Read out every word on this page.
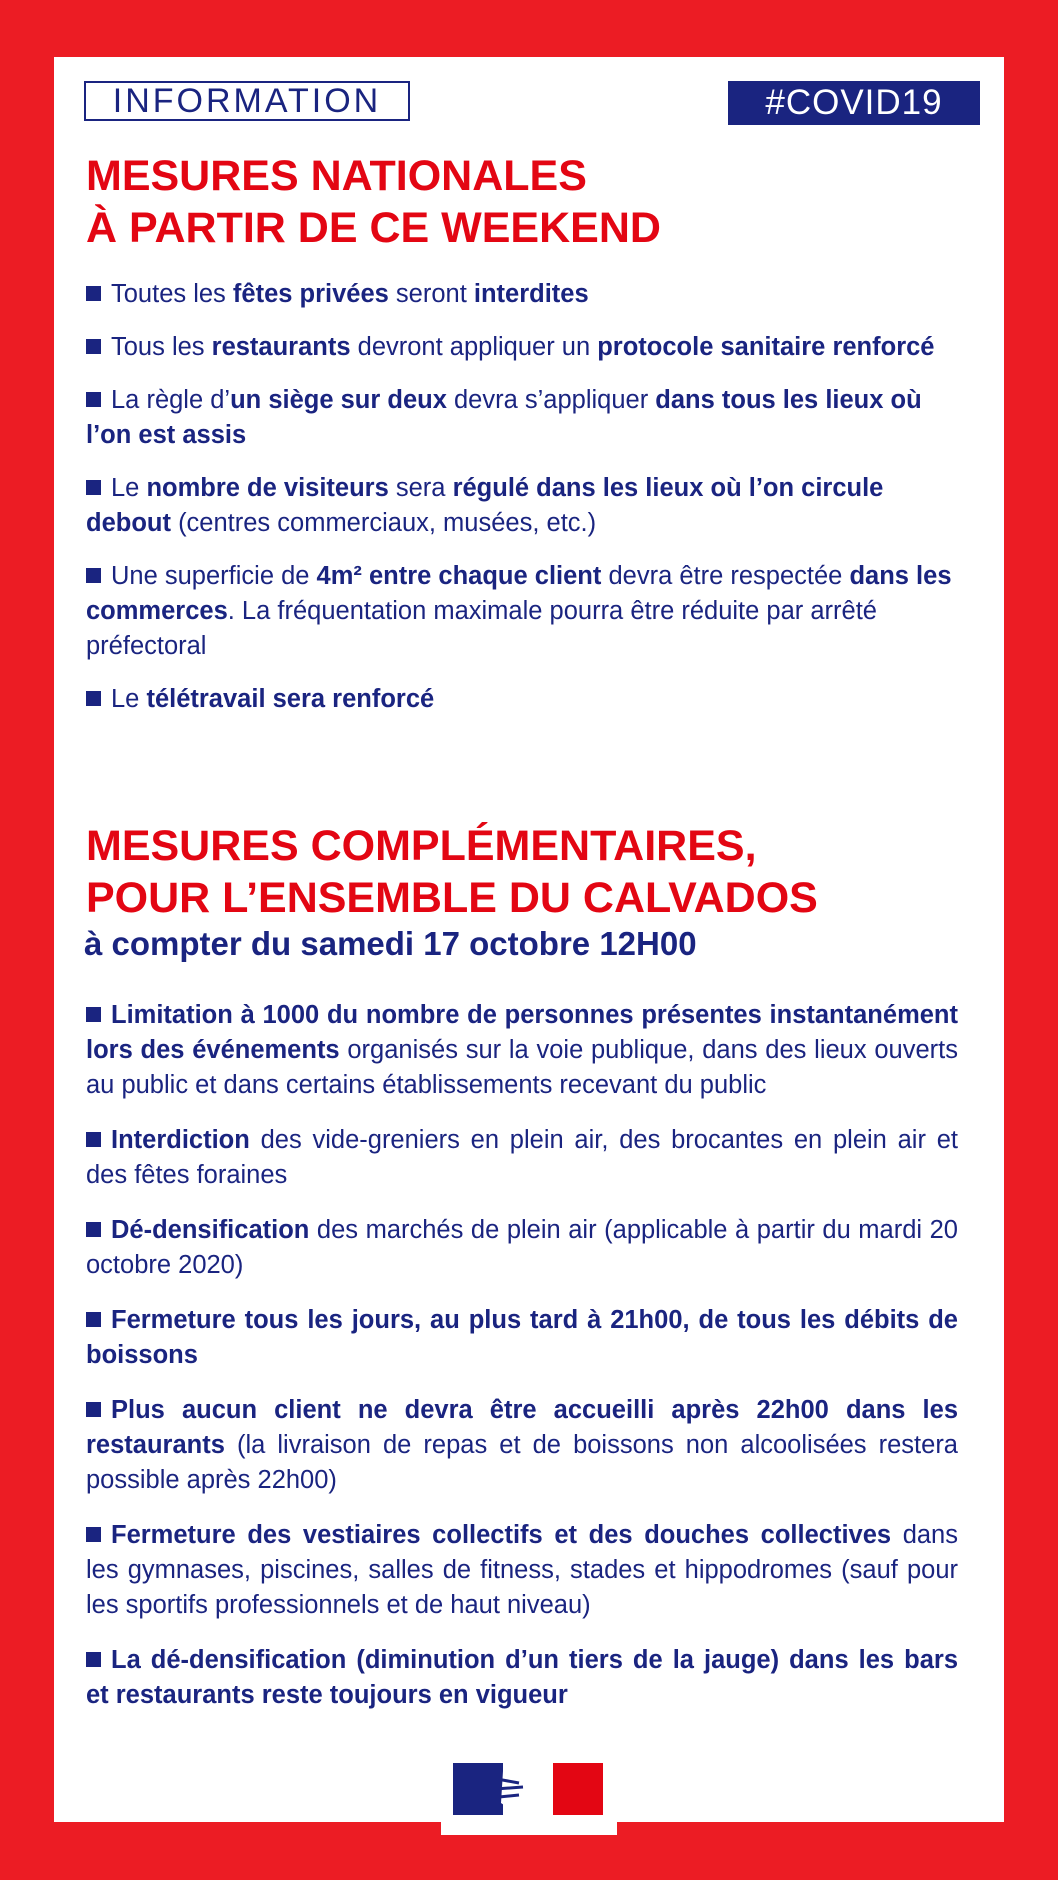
INFORMATION	#COVID19
MESURES NATIONALES
À PARTIR DE CE WEEKEND
Toutes les fêtes privées seront interdites
Tous les restaurants devront appliquer un protocole sanitaire renforcé
La règle d’un siège sur deux devra s’appliquer dans tous les lieux où l’on est assis
Le nombre de visiteurs sera régulé dans les lieux où l’on circule debout (centres commerciaux, musées, etc.)
Une superficie de 4m² entre chaque client devra être respectée dans les commerces. La fréquentation maximale pourra être réduite par arrêté préfectoral
Le télétravail sera renforcé
MESURES COMPLÉMENTAIRES,
POUR L’ENSEMBLE DU CALVADOS
à compter du samedi 17 octobre 12H00
Limitation à 1000 du nombre de personnes présentes instantanément lors des événements organisés sur la voie publique, dans des lieux ouverts au public et dans certains établissements recevant du public
Interdiction des vide-greniers en plein air, des brocantes en plein air et des fêtes foraines
Dé-densification des marchés de plein air (applicable à partir du mardi 20 octobre 2020)
Fermeture tous les jours, au plus tard à 21h00, de tous les débits de boissons
Plus aucun client ne devra être accueilli après 22h00 dans les restaurants (la livraison de repas et de boissons non alcoolisées restera possible après 22h00)
Fermeture des vestiaires collectifs et des douches collectives dans les gymnases, piscines, salles de fitness, stades et hippodromes (sauf pour les sportifs professionnels et de haut niveau)
La dé-densification (diminution d’un tiers de la jauge) dans les bars et restaurants reste toujours en vigueur
